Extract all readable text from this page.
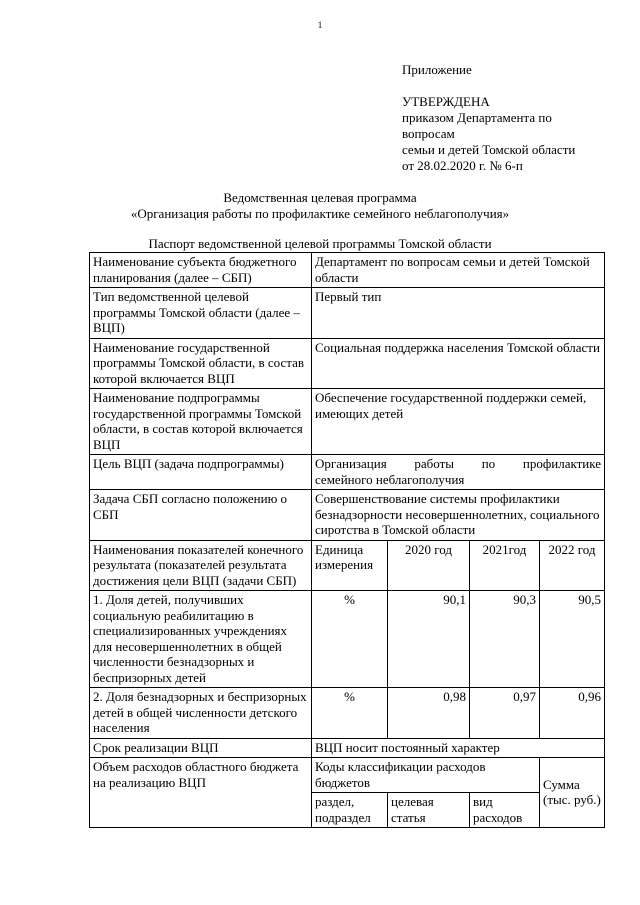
1
Приложение
УТВЕРЖДЕНА
приказом Департамента по
вопросам
семьи и детей Томской области
от 28.02.2020 г. № 6-п
Ведомственная целевая программа
«Организация работы по профилактике семейного неблагополучия»
Паспорт ведомственной целевой программы Томской области
Наименование субъекта бюджетного планирования (далее – СБП)	Департамент по вопросам семьи и детей Томской области			
Тип ведомственной целевой программы Томской области (далее – ВЦП)	Первый тип			
Наименование государственной программы Томской области, в состав которой включается ВЦП	Социальная поддержка населения Томской области			
Наименование подпрограммы государственной программы Томской области, в состав которой включается ВЦП	Обеспечение государственной поддержки семей, имеющих детей			
Цель ВЦП (задача подпрограммы)	Организация работы по профилактике
семейного неблагополучия			

Задача СБП согласно положению о СБП	Совершенствование системы профилактики безнадзорности несовершеннолетних, социального сиротства в Томской области			
Наименования показателей конечного результата (показателей результата достижения цели ВЦП (задачи СБП)	Единица измерения	2020 год	2021год	2022 год
1. Доля детей, получивших социальную реабилитацию в специализированных учреждениях для несовершеннолетних в общей численности безнадзорных и беспризорных детей	%	90,1	90,3	90,5
2. Доля безнадзорных и беспризорных детей в общей численности детского населения	%	0,98	0,97	0,96
Срок реализации ВЦП	ВЦП носит постоянный характер			
Объем расходов областного бюджета на реализацию ВЦП	Коды классификации расходов бюджетов			Сумма (тыс. руб.)
	раздел, подраздел	целевая статья	вид расходов	
